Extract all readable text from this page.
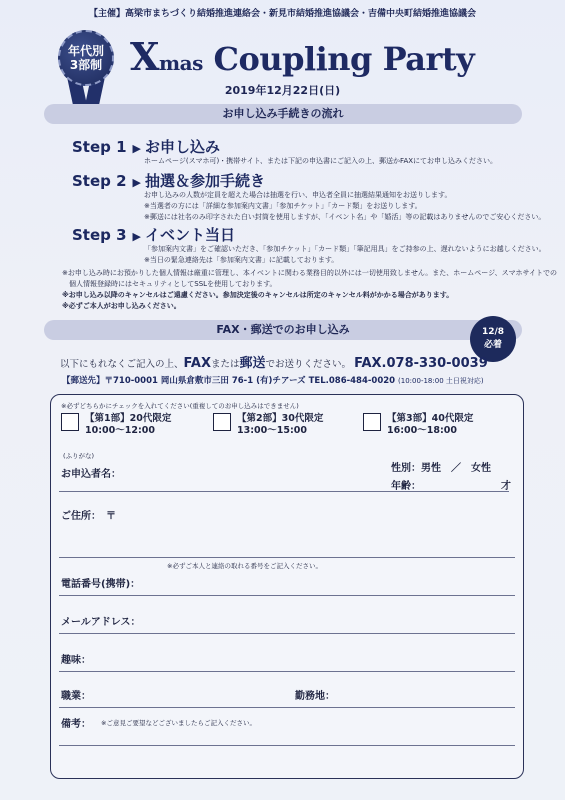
【主催】高梁市まちづくり結婚推進連絡会・新見市結婚推進協議会・吉備中央町結婚推進協議会
年代別
3部制 Xmas Coupling Party
2019年12月22日(日)
お申し込み手続きの流れ
Step 1 ▶ お申し込み
ホームページ(スマホ可)・携帯サイト、または下記の申込書にご記入の上、郵送かFAXにてお申し込みください。
Step 2 ▶ 抽選＆参加手続き
お申し込みの人数が定員を超えた場合は抽選を行い、申込者全員に抽選結果通知をお送りします。
※当選者の方には「詳細な参加案内文書」「参加チケット」「カード類」をお送りします。
※郵送には社名のみ印字された白い封筒を使用しますが、「イベント名」や「婚活」等の記載はありませんのでご安心ください。
Step 3 ▶ イベント当日
「参加案内文書」をご確認いただき、「参加チケット」「カード類」「筆記用具」をご持参の上、遅れないようにお越しください。
※当日の緊急連絡先は「参加案内文書」に記載しております。
※お申し込み時にお預かりした個人情報は厳重に管理し、本イベントに関わる業務目的以外には一切使用致しません。また、ホームページ、スマホサイトでの
　個人情報登録時にはセキュリティとしてSSLを使用しております。
※お申し込み以降のキャンセルはご遠慮ください。参加決定後のキャンセルは所定のキャンセル料がかかる場合があります。
※必ずご本人がお申し込みください。
FAX・郵送でのお申し込み	12/8
必着
以下にもれなくご記入の上、FAXまたは郵送でお送りください。 FAX.078-330-0039
【郵送先】〒710-0001 岡山県倉敷市三田 76-1 (有)チアーズ TEL.086-484-0020 (10:00-18:00 土日祝対応)
※必ずどちらかにチェックを入れてください(重複してのお申し込みはできません)
【第1部】20代限定
10:00～12:00
【第2部】30代限定
13:00～15:00
【第3部】40代限定
16:00～18:00
(ふりがな)
お申込者名：
性別：男性　／　女性
年齢：	才
ご住所：　 〒
※必ずご本人と連絡の取れる番号をご記入ください。
電話番号(携帯)：
メールアドレス：
趣味：
職業：	勤務地：
備考： ※ご意見ご要望などございましたらご記入ください。
